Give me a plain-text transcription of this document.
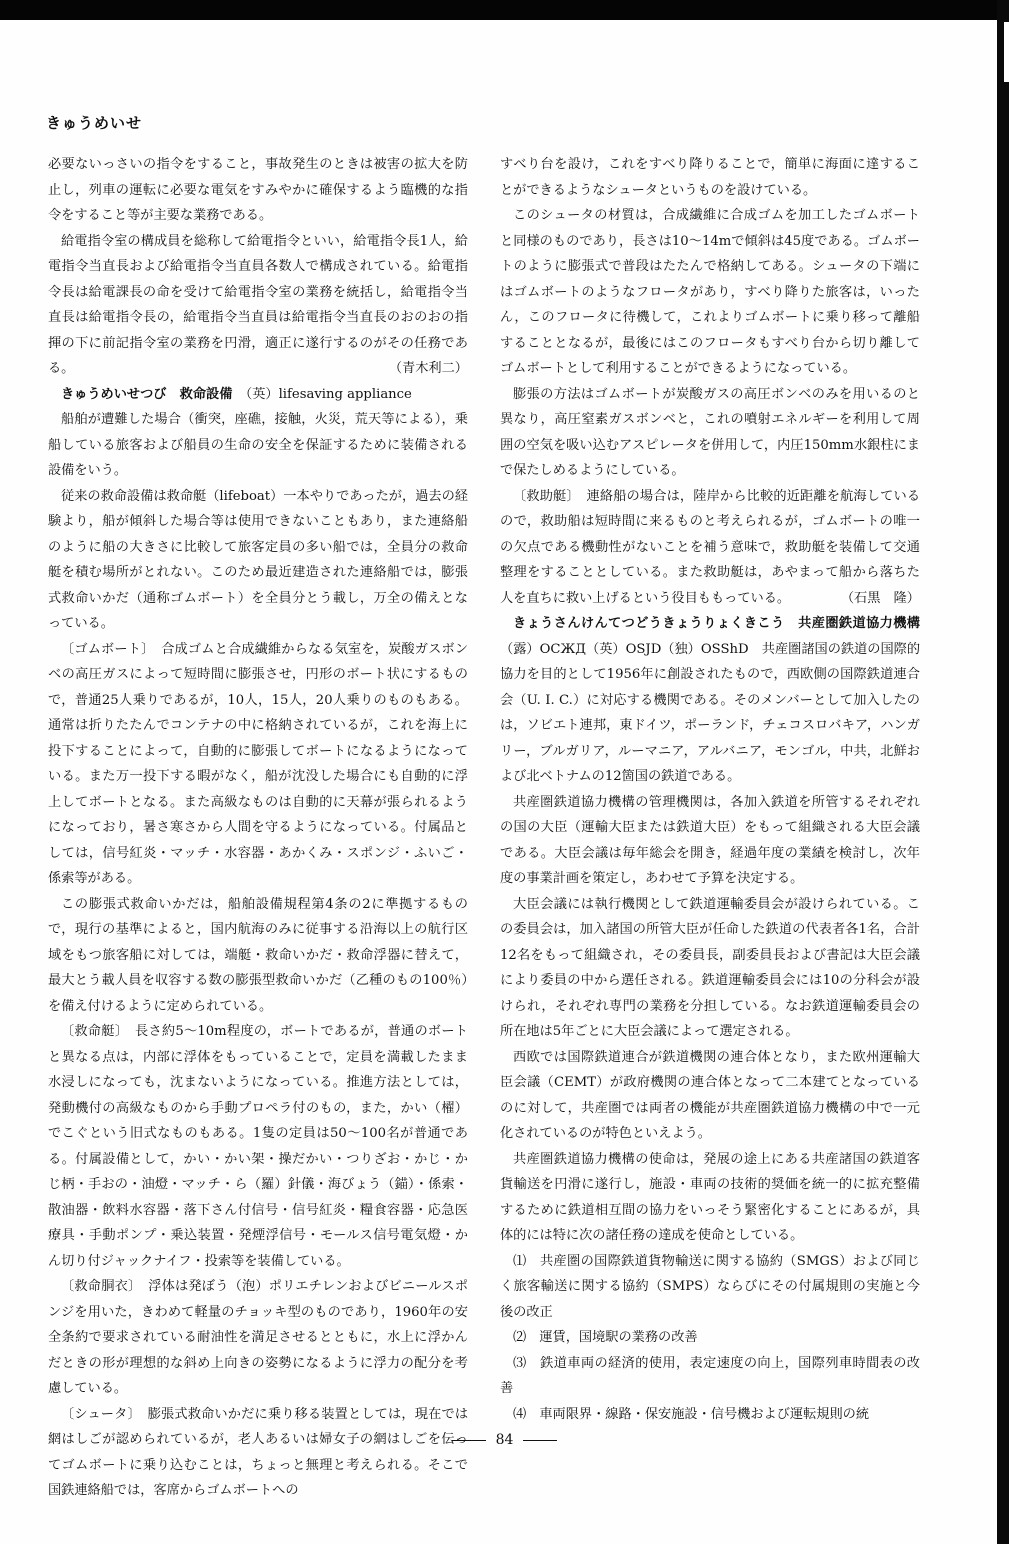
きゅうめいせ

必要ないっさいの指令をすること，事故発生のときは被害の拡大を防止し，列車の運転に必要な電気をすみやかに確保するよう臨機的な指令をすること等が主要な業務である。

給電指令室の構成員を総称して給電指令といい，給電指令長1人，給電指令当直長および給電指令当直員各数人で構成されている。給電指令長は給電課長の命を受けて給電指令室の業務を統括し，給電指令当直長は給電指令長の，給電指令当直員は給電指令当直長のおのおの指揮の下に前記指令室の業務を円滑，適正に遂行するのがその任務である。	（青木利二）

きゅうめいせつび　救命設備　 （英）lifesaving appliance

船舶が遭難した場合（衝突，座礁，接触，火災，荒天等による），乗船している旅客および船員の生命の安全を保証するために装備される設備をいう。

従来の救命設備は救命艇（lifeboat）一本やりであったが，過去の経験より，船が傾斜した場合等は使用できないこともあり，また連絡船のように船の大きさに比較して旅客定員の多い船では，全員分の救命艇を積む場所がとれない。このため最近建造された連絡船では，膨張式救命いかだ（通称ゴムボート）を全員分とう載し，万全の備えとなっている。

〔ゴムボート〕　 合成ゴムと合成繊維からなる気室を，炭酸ガスボンベの高圧ガスによって短時間に膨張させ，円形のボート状にするもので，普通25人乗りであるが，10人，15人，20人乗りのものもある。通常は折りたたんでコンテナの中に格納されているが，これを海上に投下することによって，自動的に膨張してボートになるようになっている。また万一投下する暇がなく，船が沈没した場合にも自動的に浮上してボートとなる。また高級なものは自動的に天幕が張られるようになっており，暑さ寒さから人間を守るようになっている。付属品としては，信号紅炎・マッチ・水容器・あかくみ・スポンジ・ふいご・係索等がある。

この膨張式救命いかだは，船舶設備規程第4条の2に準拠するもので，現行の基準によると，国内航海のみに従事する沿海以上の航行区域をもつ旅客船に対しては，端艇・救命いかだ・救命浮器に替えて，最大とう載人員を収容する数の膨張型救命いかだ（乙種のもの100％）を備え付けるように定められている。

〔救命艇〕　 長さ約5～10m程度の，ボートであるが，普通のボートと異なる点は，内部に浮体をもっていることで，定員を満載したまま水浸しになっても，沈まないようになっている。推進方法としては，発動機付の高級なものから手動プロペラ付のもの，また，かい（櫂）でこぐという旧式なものもある。1隻の定員は50～100名が普通である。付属設備として，かい・かい架・操だかい・つりざお・かじ・かじ柄・手おの・油燈・マッチ・ら（羅）針儀・海びょう（錨）・係索・散油器・飲料水容器・落下さん付信号・信号紅炎・糧食容器・応急医療具・手動ポンプ・乗込装置・発煙浮信号・モールス信号電気燈・かん切り付ジャックナイフ・投索等を装備している。

〔救命胴衣〕　 浮体は発ぼう（泡）ポリエチレンおよびビニールスポンジを用いた，きわめて軽量のチョッキ型のものであり，1960年の安全条約で要求されている耐油性を満足させるとともに，水上に浮かんだときの形が理想的な斜め上向きの姿勢になるように浮力の配分を考慮している。

〔シュータ〕　 膨張式救命いかだに乗り移る装置としては，現在では網はしごが認められているが，老人あるいは婦女子の網はしごを伝ってゴムボートに乗り込むことは，ちょっと無理と考えられる。そこで国鉄連絡船では，客席からゴムボートへの

すべり台を設け，これをすべり降りることで，簡単に海面に達することができるようなシュータというものを設けている。

このシュータの材質は，合成繊維に合成ゴムを加工したゴムボートと同様のものであり，長さは10～14mで傾斜は45度である。ゴムボートのように膨張式で普段はたたんで格納してある。シュータの下端にはゴムボートのようなフロータがあり，すべり降りた旅客は，いったん，このフロータに待機して，これよりゴムボートに乗り移って離船することとなるが，最後にはこのフロータもすべり台から切り離してゴムボートとして利用することができるようになっている。

膨張の方法はゴムボートが炭酸ガスの高圧ボンベのみを用いるのと異なり，高圧窒素ガスボンベと，これの噴射エネルギーを利用して周囲の空気を吸い込むアスピレータを併用して，内圧150mm水銀柱にまで保たしめるようにしている。

〔救助艇〕　 連絡船の場合は，陸岸から比較的近距離を航海しているので，救助船は短時間に来るものと考えられるが，ゴムボートの唯一の欠点である機動性がないことを補う意味で，救助艇を装備して交通整理をすることとしている。また救助艇は，あやまって船から落ちた人を直ちに救い上げるという役目ももっている。	（石黒　隆）

きょうさんけんてつどうきょうりょくきこう　共産圏鉄道協力機構　（露）ОСЖД（英）OSJD（独）OSShD　 共産圏諸国の鉄道の国際的協力を目的として1956年に創設されたもので，西欧側の国際鉄道連合会（U. I. C.）に対応する機関である。そのメンバーとして加入したのは，ソビエト連邦，東ドイツ，ポーランド，チェコスロバキア，ハンガリー，ブルガリア，ルーマニア，アルバニア，モンゴル，中共，北鮮および北ベトナムの12箇国の鉄道である。

共産圏鉄道協力機構の管理機関は，各加入鉄道を所管するそれぞれの国の大臣（運輸大臣または鉄道大臣）をもって組織される大臣会議である。大臣会議は毎年総会を開き，経過年度の業績を検討し，次年度の事業計画を策定し，あわせて予算を決定する。

大臣会議には執行機関として鉄道運輸委員会が設けられている。この委員会は，加入諸国の所管大臣が任命した鉄道の代表者各1名，合計12名をもって組織され，その委員長，副委員長および書記は大臣会議により委員の中から選任される。鉄道運輸委員会には10の分科会が設けられ，それぞれ専門の業務を分担している。なお鉄道運輸委員会の所在地は5年ごとに大臣会議によって選定される。

西欧では国際鉄道連合が鉄道機関の連合体となり，また欧州運輸大臣会議（CEMT）が政府機関の連合体となって二本建てとなっているのに対して，共産圏では両者の機能が共産圏鉄道協力機構の中で一元化されているのが特色といえよう。

共産圏鉄道協力機構の使命は，発展の途上にある共産諸国の鉄道客貨輸送を円滑に遂行し，施設・車両の技術的奨価を統一的に拡充整備するために鉄道相互間の協力をいっそう緊密化することにあるが，具体的には特に次の諸任務の達成を使命としている。

⑴　共産圏の国際鉄道貨物輸送に関する協約（SMGS）および同じく旅客輸送に関する協約（SMPS）ならびにその付属規則の実施と今後の改正

⑵　運賃，国境駅の業務の改善

⑶　鉄道車両の経済的使用，表定速度の向上，国際列車時間表の改善

⑷　車両限界・線路・保安施設・信号機および運転規則の統

84
